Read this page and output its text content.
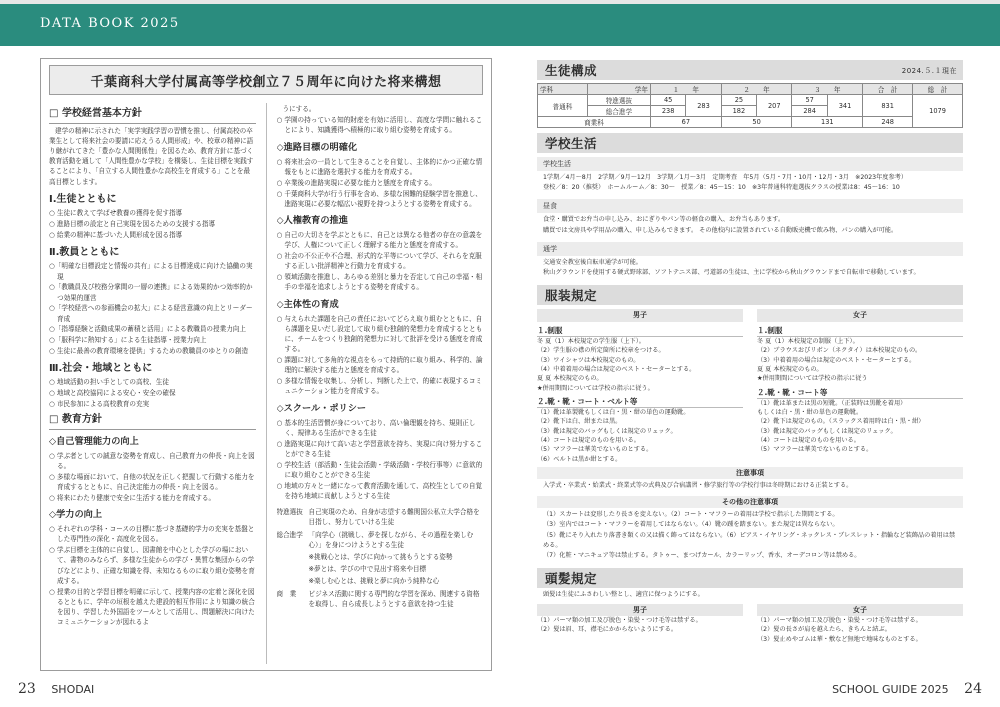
DATA BOOK 2025
千葉商科大学付属高等学校創立７５周年に向けた将来構想
□ 学校経営基本方針

建学の精神に示された「実学実践学習の習慣を推し、付属高校の卒業生として将来社会の要請に応えうる人間形成」や、校章の精神に語り継がれてきた「豊かな人間関係性」を図るため、教育方針に基づく教育活動を通して「人間性豊かな学校」を構築し、生徒目標を実践することにより、「自立する人間性豊かな高校生を育成する」ことを最高目標とします。

Ⅰ.生徒とともに
○ 生徒に教えて学ばせ教養の獲得を促す指導
○ 進路目標の設定と自己実現を図るための支援する指導
○ 給業の精神に基づいた人間形成を図る指導
Ⅱ.教員とともに
○「明確な目標設定と情報の共有」による目標達成に向けた協働の実現
○「教職員及び校務分掌間の一層の連携」による効果的かつ効率的かつ効果的運営
○「学校経営への参画機会の拡大」による経営意識の向上とリーダー育成
○「指導経験と活動成果の蓄積と活用」による教職員の授業力向上
○「服科学に熱知する」による生徒指導・授業力向上
○ 生徒に最善の教育環境を提供」するための教職員のゆとりの創造
Ⅲ.社会・地域とともに
○ 地域活動の担い手としての高校、生徒
○ 地域と高校協同による安心・安全の確保
○ 市民参加による高校教育の充実
□ 教育方針
◇自己管理能力の向上
○ 学ぶ者としての誠意な姿勢を育成し、自己教育力の伸長・向上を図る。
○ 多様な場面において、自他の状況を正しく把握して行動する能力を育成するとともに、自己決定能力の伸長・向上を図る。
○ 将来にわたり健康で安全に生活する能力を育成する。
◇学力の向上
○ それぞれの学科・コースの目標に基づき基礎的学力の充実を基盤とした専門性の深化・高度化を図る。
○ 学ぶ目標を主体的に自覚し、図書館を中心とした学びの場において、書物のみならず、多様な生徒からの学び・異質な集団からの学びなどにより、正確な知識を得、未知なるものに取り組む姿勢を育成する。
○ 授業の目的と学習目標を明確に示して、授業内容の定着と深化を図るとともに、学年の垣根を越えた建設的相互作用により知識の統合を図り、学習した外国語をツールとして活用し、問題解決に向けたコミュニケーションが図れるよ

うにする。

○ 学園の持っている知的財産を有効に活用し、高度な学問に触れることにより、知識獲得へ積極的に取り組む姿勢を育成する。
◇進路目標の明確化
○ 将来社会の一員として生きることを自覚し、主体的にかつ正確な情報をもとに進路を選択する能力を育成する。
○ 卒業後の進路実現に必要な能力と態度を育成する。
○ 千葉商科大学が行う行事を含め、多様な困難的経験学習を推進し、進路実現に必要な幅広い視野を持つようとする姿勢を育成する。
◇人権教育の推進
○ 自己の大切さを学ぶとともに、自己とは異なる他者の存在の意義を学び、人権について正しく理解する能力と態度を育成する。
○ 社会の不公正や不合理、形式的な平等について学び、それらを克服する正しい批評精神と行動力を育成する。
○ 領域活動を推進し、あらゆる差別と暴力を否定して自己の幸福・相手の幸福を追求しようとする姿勢を育成する。
◇主体性の育成
○ 与えられた課題を自己の責任においてどらえ取り組むとともに、自ら課題を見いだし設定して取り組む独創的発想力を育成するとともに、チームをつくり独創的発想力に対して批評を受ける態度を育成する。
○ 課題に対して多角的な視点をもって持続的に取り組み、科学的、論理的に解決する能力と態度を育成する。
○ 多様な情報を収集し、分析し、判断した上で、的確に表現するコミュニケーション能力を育成する。
◇スクール・ポリシー
○ 基本的生活習慣が身についており、高い倫理観を持ち、規則正しく、規律ある生活ができる生徒
○ 進路実現に向けて高い志と学習意欲を持ち、実現に向け努力することができる生徒
○ 学校生活（部活動・生徒会活動・学級活動・学校行事等）に意欲的に取り組むことができる生徒
○ 地域の方々と一緒になって教育活動を通して、高校生としての自覚を持ち地域に貢献しようとする生徒
特進選抜 自己実現のため、自身が志望する難関国公私立大学合格を目指し、努力していける生徒
総合進学 「向学心（挑戦し、夢を探しながら、その過程を楽しむ心）」を身につけようとする生徒
※挑戦心とは、学びに向かって挑もうとする姿勢
※夢とは、学びの中で見出す将来や目標
※楽しむ心とは、挑戦と夢に向かう純粋な心
商　業	ビジネス活動に関する専門的な学習を深め、関連する資格を取得し、自ら成長しようとする意欲を持つ生徒
生徒構成	2024.５.１現在
学科	学年	１　　年		２　　年		３　　年		合　計	総　計
普通科	特進選抜	45	283	25	207	57	341	831	1079
	総合進学	238		182		284			
商業科		67		50		131		248	
学校生活
学校生活
1学期／4月〜8月　2学期／9月〜12月　3学期／1月〜3月　定期考査　年5月（5月・7月・10月・12月・3月　※2023年度参考）
登校／8：20（推奨）　ホームルーム／8：30〜　授業／8：45〜15：10　 ※3年普通科特進選抜クラスの授業は8：45〜16：10
昼食
食堂・購買でお弁当の申し込み、おにぎりやパン等の軽食の購入、お弁当もあります。
購買では文房具や学用品の購入、申し込みもできます。 その他校内に設置されている自動販売機で飲み物、パンの購入が可能。
通学
交通安全教室後自転車通学が可能。
秋山グラウンドを使用する硬式野球部、ソフトテニス部、弓道部の生徒は、主に学校から秋山グラウンドまで自転車で移動しています。
服装規定
男子
１.制服
冬 夏（1）本校規定の学生服（上下）。
（2）学生服の襟の所定箇所に校章をつける。
（3）ワイシャツは本校規定のもの。
（4）中着着用の場合は規定のベスト・セーターとする。
夏 夏 本校規定のもの。
★併用期間については学校の指示に従う。
２.靴・靴・コート・ベルト等
（1）靴は革製靴もしくは白・黒・紺の単色の運動靴。
（2）靴下は白、紺または黒。
（3）靴は規定のバッグもしくは規定のリュック。
（4）コートは規定のものを用いる。
（5）マフラーは華美でないものとする。
（6）ベルトは黒か紺とする。
女子
１.制服
冬 夏（1）本校規定の制服（上下）。
（2）ブラウスおびリボン（ネクタイ）は本校規定のもの。
（3）中着着用の場合は規定のベスト・セーターとする。
夏 夏 本校規定のもの。
★併用期間については学校の指示に従う
２.靴・靴・コート等
（1）靴は革または黒の短靴。（正装時は黒靴を着用）
もしくは白・黒・紺の単色の運動靴。
（2）靴下は規定のもの。（スラックス着用時は白・黒・紺）
（3）靴は規定のバッグもしくは規定のリュック。
（4）コートは規定のものを用いる。
（5）マフラーは華美でないものとする。
注意事項
入学式・卒業式・始業式・終業式等の式典及び合宿講習・修学旅行等の学校行事は冬時期における正装とする。
その他の注意事項
（1）スカートは変形したり長さを変えない。（2）コート・マフラーの着用は学校で指示した期間とする。
（3）室内ではコート・マフラーを着用してはならない。（4）靴の踵を踏まない。また規定は異ならない。
（5）靴にそり入れたり落書き類くの又は描く飾ってはならない。（6）ピアス・イヤリング・ネックレス・ブレスレット・指輪など装飾品の着用は禁める。
（7）化粧・マニキュア等は禁止する。タトゥー、まつげカール、カラーリップ、香水、オーデコロン等は禁める。
頭髪規定
頭髪は生徒にふさわしい整とし、適宜に保つようにする。
男子
（1）パーマ類の加工及び脱色・染髪・つけ毛等は禁ずる。
（2）髪は眉、耳、襟毛にかからないようにする。
女子
（1）パーマ類の加工及び脱色・染髪・つけ毛等は禁ずる。
（2）髪の長さが肩を越えたら、きちんと結ぶ。
（3）髪止めやゴムは華・敷など無地で地味なものとする。
23 SHODAI	SCHOOL GUIDE 2025 24
